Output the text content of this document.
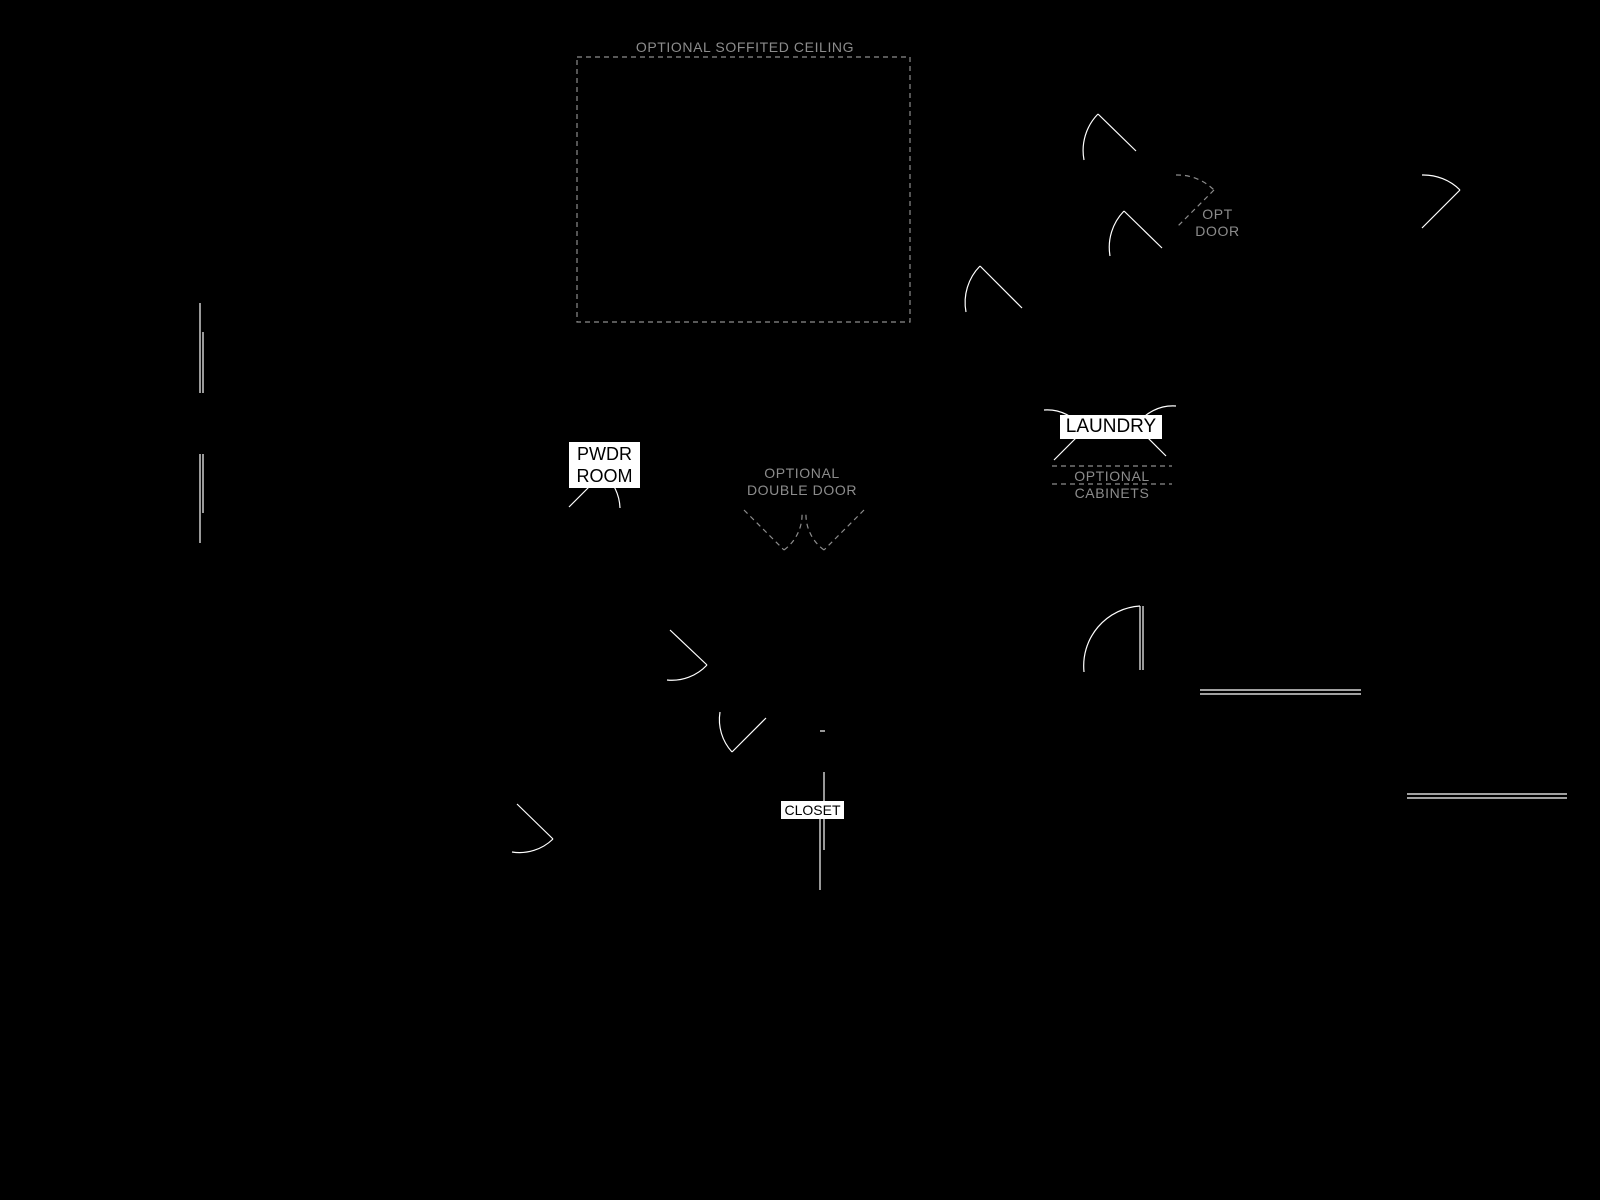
OPTIONAL SOFFITED CEILING
OPT
DOOR
OPTIONAL
DOUBLE DOOR
OPTIONAL
CABINETS
PWDR
ROOM
LAUNDRY
CLOSET
